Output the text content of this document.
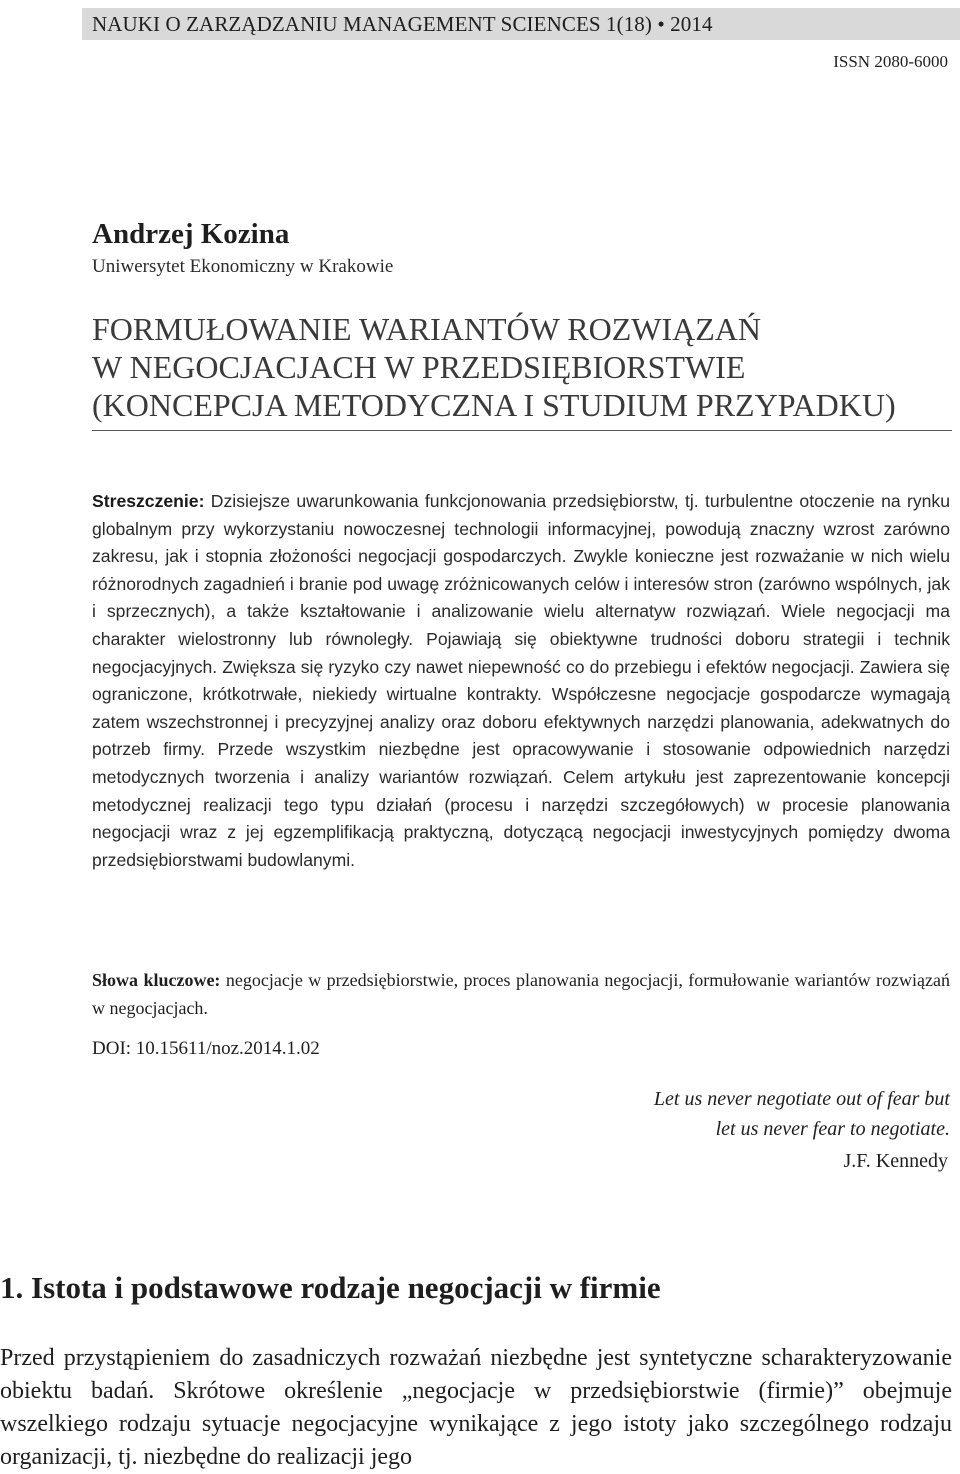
NAUKI O ZARZĄDZANIU MANAGEMENT SCIENCES 1(18) • 2014
ISSN 2080-6000
Andrzej Kozina
Uniwersytet Ekonomiczny w Krakowie
FORMUŁOWANIE WARIANTÓW ROZWIĄZAŃ
W NEGOCJACJACH W PRZEDSIĘBIORSTWIE
(KONCEPCJA METODYCZNA I STUDIUM PRZYPADKU)
Streszczenie: Dzisiejsze uwarunkowania funkcjonowania przedsiębiorstw, tj. turbulentne otoczenie na rynku globalnym przy wykorzystaniu nowoczesnej technologii informacyjnej, powodują znaczny wzrost zarówno zakresu, jak i stopnia złożoności negocjacji gospodarczych. Zwykle konieczne jest rozważanie w nich wielu różnorodnych zagadnień i branie pod uwagę zróżnicowanych celów i interesów stron (zarówno wspólnych, jak i sprzecznych), a także kształtowanie i analizowanie wielu alternatyw rozwiązań. Wiele negocjacji ma charakter wielostronny lub równoległy. Pojawiają się obiektywne trudności doboru strategii i technik negocjacyjnych. Zwiększa się ryzyko czy nawet niepewność co do przebiegu i efektów negocjacji. Zawiera się ograniczone, krótkotrwałe, niekiedy wirtualne kontrakty. Współczesne negocjacje gospodarcze wymagają zatem wszechstronnej i precyzyjnej analizy oraz doboru efektywnych narzędzi planowania, adekwatnych do potrzeb firmy. Przede wszystkim niezbędne jest opracowywanie i stosowanie odpowiednich narzędzi metodycznych tworzenia i analizy wariantów rozwiązań. Celem artykułu jest zaprezentowanie koncepcji metodycznej realizacji tego typu działań (procesu i narzędzi szczegółowych) w procesie planowania negocjacji wraz z jej egzemplifikacją praktyczną, dotyczącą negocjacji inwestycyjnych pomiędzy dwoma przedsiębiorstwami budowlanymi.
Słowa kluczowe: negocjacje w przedsiębiorstwie, proces planowania negocjacji, formułowanie wariantów rozwiązań w negocjacjach.
DOI: 10.15611/noz.2014.1.02
Let us never negotiate out of fear but
let us never fear to negotiate.
J.F. Kennedy
1. Istota i podstawowe rodzaje negocjacji w firmie
Przed przystąpieniem do zasadniczych rozważań niezbędne jest syntetyczne scharakteryzowanie obiektu badań. Skrótowe określenie „negocjacje w przedsiębiorstwie (firmie)” obejmuje wszelkiego rodzaju sytuacje negocjacyjne wynikające z jego istoty jako szczególnego rodzaju organizacji, tj. niezbędne do realizacji jego
